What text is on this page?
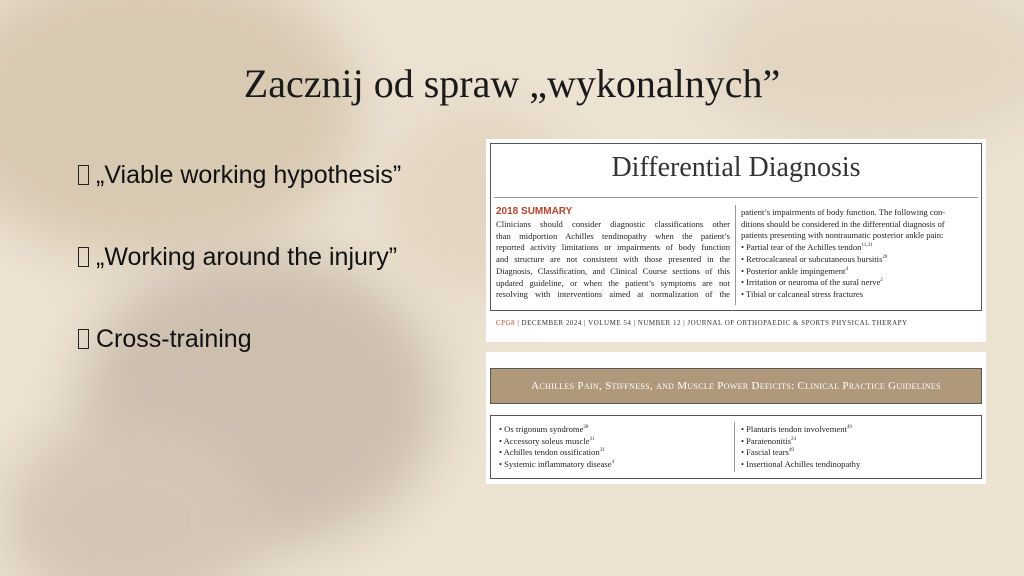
Zacznij od spraw „wykonalnych”
„Viable working hypothesis”
„Working around the injury”
Cross-training
Differential Diagnosis
2018 SUMMARY
Clinicians should consider diagnostic classifications other
than midportion Achilles tendinopathy when the patient’s
reported activity limitations or impairments of body function
and structure are not consistent with those presented in the
Diagnosis, Classification, and Clinical Course sections of this
updated guideline, or when the patient’s symptoms are not
resolving with interventions aimed at normalization of the
patient’s impairments of body function. The following con-
ditions should be considered in the differential diagnosis of
patients presenting with nontraumatic posterior ankle pain:
• Partial tear of the Achilles tendon$^{11,31}$
• Retrocalcaneal or subcutaneous bursitis$^{20}$
• Posterior ankle impingement$^4$
• Irritation or neuroma of the sural nerve$^2$
• Tibial or calcaneal stress fractures
CPG8 | DECEMBER 2024 | VOLUME 54 | NUMBER 12 | JOURNAL OF ORTHOPAEDIC & SPORTS PHYSICAL THERAPY
Achilles Pain, Stiffness, and Muscle Power Deficits: Clinical Practice Guidelines
• Os trigonum syndrome$^{28}$
• Accessory soleus muscle$^{31}$
• Achilles tendon ossification$^{31}$
• Systemic inflammatory disease$^4$
• Plantaris tendon involvement$^{49}$
• Paratenonitis$^{24}$
• Fascial tears$^{49}$
• Insertional Achilles tendinopathy
